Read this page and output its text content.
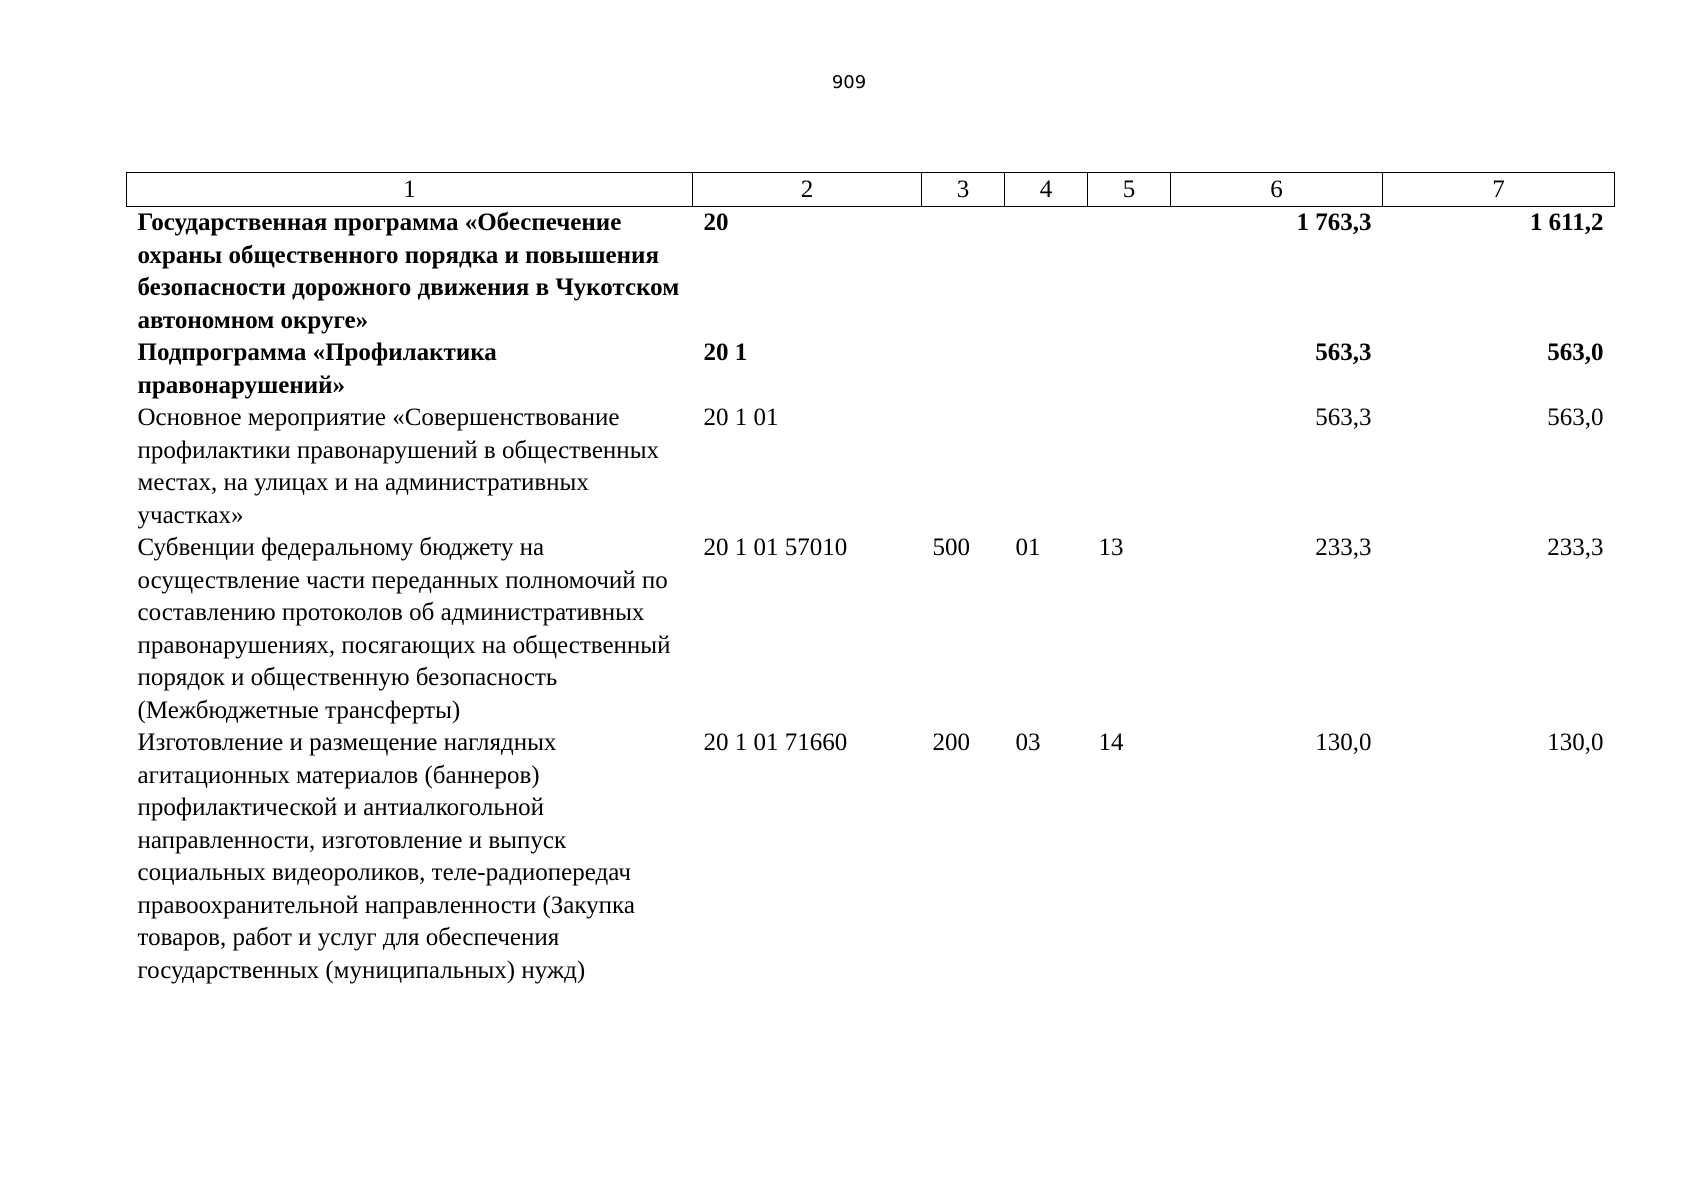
909
1	2	3	4	5	6	7
Государственная программа «Обеспечение охраны общественного порядка и повышения безопасности дорожного движения в Чукотском автономном округе»	20				1 763,3	1 611,2
Подпрограмма «Профилактика правонарушений»	20 1				563,3	563,0
Основное мероприятие «Совершенствование профилактики правонарушений в общественных местах, на улицах и на административных участках»	20 1 01				563,3	563,0
Субвенции федеральному бюджету на осуществление части переданных полномочий по составлению протоколов об административных правонарушениях, посягающих на общественный порядок и общественную безопасность (Межбюджетные трансферты)	20 1 01 57010	500	01	13	233,3	233,3
Изготовление и размещение наглядных агитационных материалов (баннеров) профилактической и антиалкогольной направленности, изготовление и выпуск социальных видеороликов, теле-радиопередач правоохранительной направленности (Закупка товаров, работ и услуг для обеспечения государственных (муниципальных) нужд)	20 1 01 71660	200	03	14	130,0	130,0
